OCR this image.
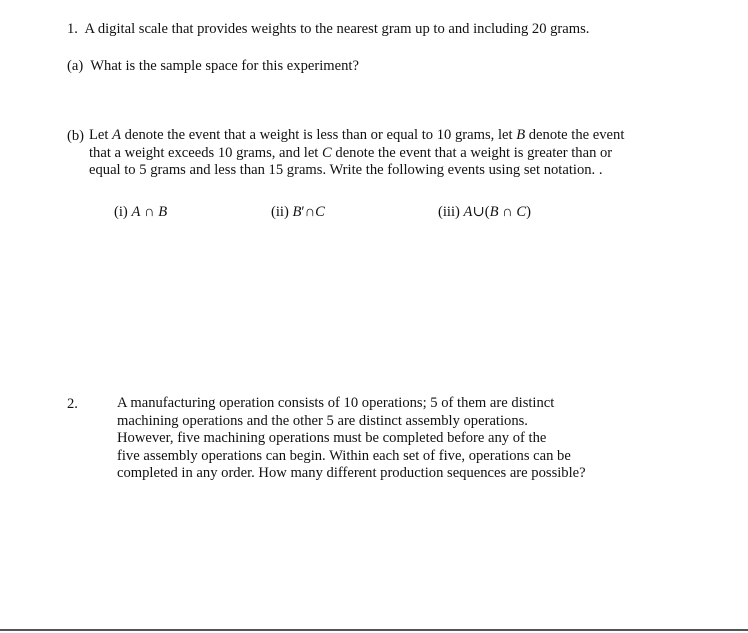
1. A digital scale that provides weights to the nearest gram up to and including 20 grams.
(a) What is the sample space for this experiment?
(b) Let A denote the event that a weight is less than or equal to 10 grams, let B denote the event
that a weight exceeds 10 grams, and let C denote the event that a weight is greater than or
equal to 5 grams and less than 15 grams. Write the following events using set notation. .
(i) A ∩ B	(ii) B′∩C	(iii) A∪(B ∩ C)
2.	A manufacturing operation consists of 10 operations; 5 of them are distinct
machining operations and the other 5 are distinct assembly operations.
However, five machining operations must be completed before any of the
five assembly operations can begin. Within each set of five, operations can be
completed in any order. How many different production sequences are possible?
